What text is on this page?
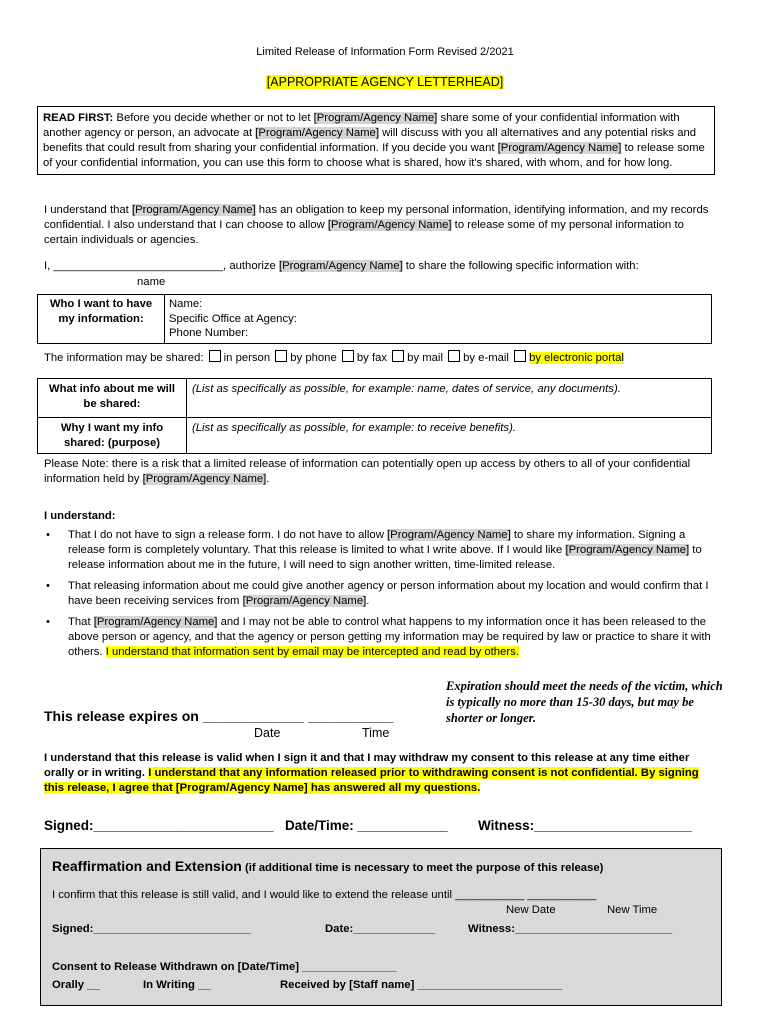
Limited Release of Information Form Revised 2/2021
[APPROPRIATE AGENCY LETTERHEAD]
READ FIRST: Before you decide whether or not to let [Program/Agency Name] share some of your confidential information with another agency or person, an advocate at [Program/Agency Name] will discuss with you all alternatives and any potential risks and benefits that could result from sharing your confidential information. If you decide you want [Program/Agency Name] to release some of your confidential information, you can use this form to choose what is shared, how it's shared, with whom, and for how long.
I understand that [Program/Agency Name] has an obligation to keep my personal information, identifying information, and my records confidential. I also understand that I can choose to allow [Program/Agency Name] to release some of my personal information to certain individuals or agencies.
I, ___________________________, authorize [Program/Agency Name] to share the following specific information with:
name
Who I want to have my information:	
Name:
Specific Office at Agency:
Phone Number:
The information may be shared: in person by phone by fax by mail by e-mail by electronic portal
What info about me will be shared:	(List as specifically as possible, for example: name, dates of service, any documents).
Why I want my info shared: (purpose)	(List as specifically as possible, for example: to receive benefits).
Please Note: there is a risk that a limited release of information can potentially open up access by others to all of your confidential information held by [Program/Agency Name].
I understand:
• That I do not have to sign a release form. I do not have to allow [Program/Agency Name] to share my information. Signing a release form is completely voluntary. That this release is limited to what I write above. If I would like [Program/Agency Name] to release information about me in the future, I will need to sign another written, time-limited release.
• That releasing information about me could give another agency or person information about my location and would confirm that I have been receiving services from [Program/Agency Name].
• That [Program/Agency Name] and I may not be able to control what happens to my information once it has been released to the above person or agency, and that the agency or person getting my information may be required by law or practice to share it with others. I understand that information sent by email may be intercepted and read by others.
Expiration should meet the needs of the victim, which is typically no more than 15-30 days, but may be shorter or longer.
This release expires on _____________ ___________
Date	Time
I understand that this release is valid when I sign it and that I may withdraw my consent to this release at any time either orally or in writing. I understand that any information released prior to withdrawing consent is not confidential. By signing this release, I agree that [Program/Agency Name] has answered all my questions.
Signed:________________________ Date/Time: ____________ Witness:_____________________
Reaffirmation and Extension (if additional time is necessary to meet the purpose of this release)
I confirm that this release is still valid, and I would like to extend the release until ___________ ___________
New Date	New Time
Signed:_________________________	Date:_____________	Witness:_________________________
Consent to Release Withdrawn on [Date/Time] _______________
Orally __	In Writing __	Received by [Staff name] _______________________
